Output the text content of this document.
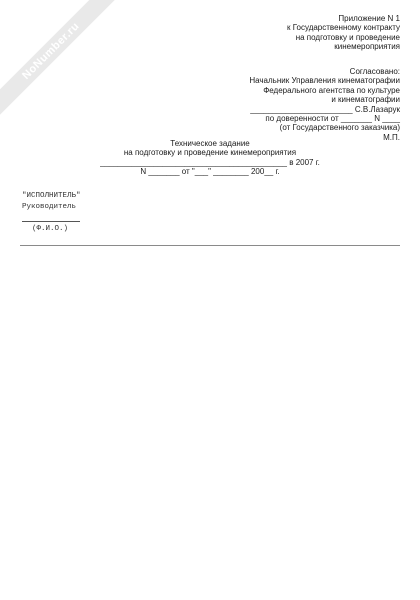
NoNumber.ru
Приложение N 1
к Государственному контракту
на подготовку и проведение
кинемероприятия
Согласовано:
Начальник Управления кинематографии
Федерального агентства по культуре
и кинематографии
_______________________ С.В.Лазарук
по доверенности от _______ N ____
(от Государственного заказчика)
М.П.
Техническое задание
на подготовку и проведение кинемероприятия
__________________________________________ в 2007 г.
N _______ от "___" ________ 200__ г.
"ИСПОЛНИТЕЛЬ"
Руководитель
(Ф.И.О.)
